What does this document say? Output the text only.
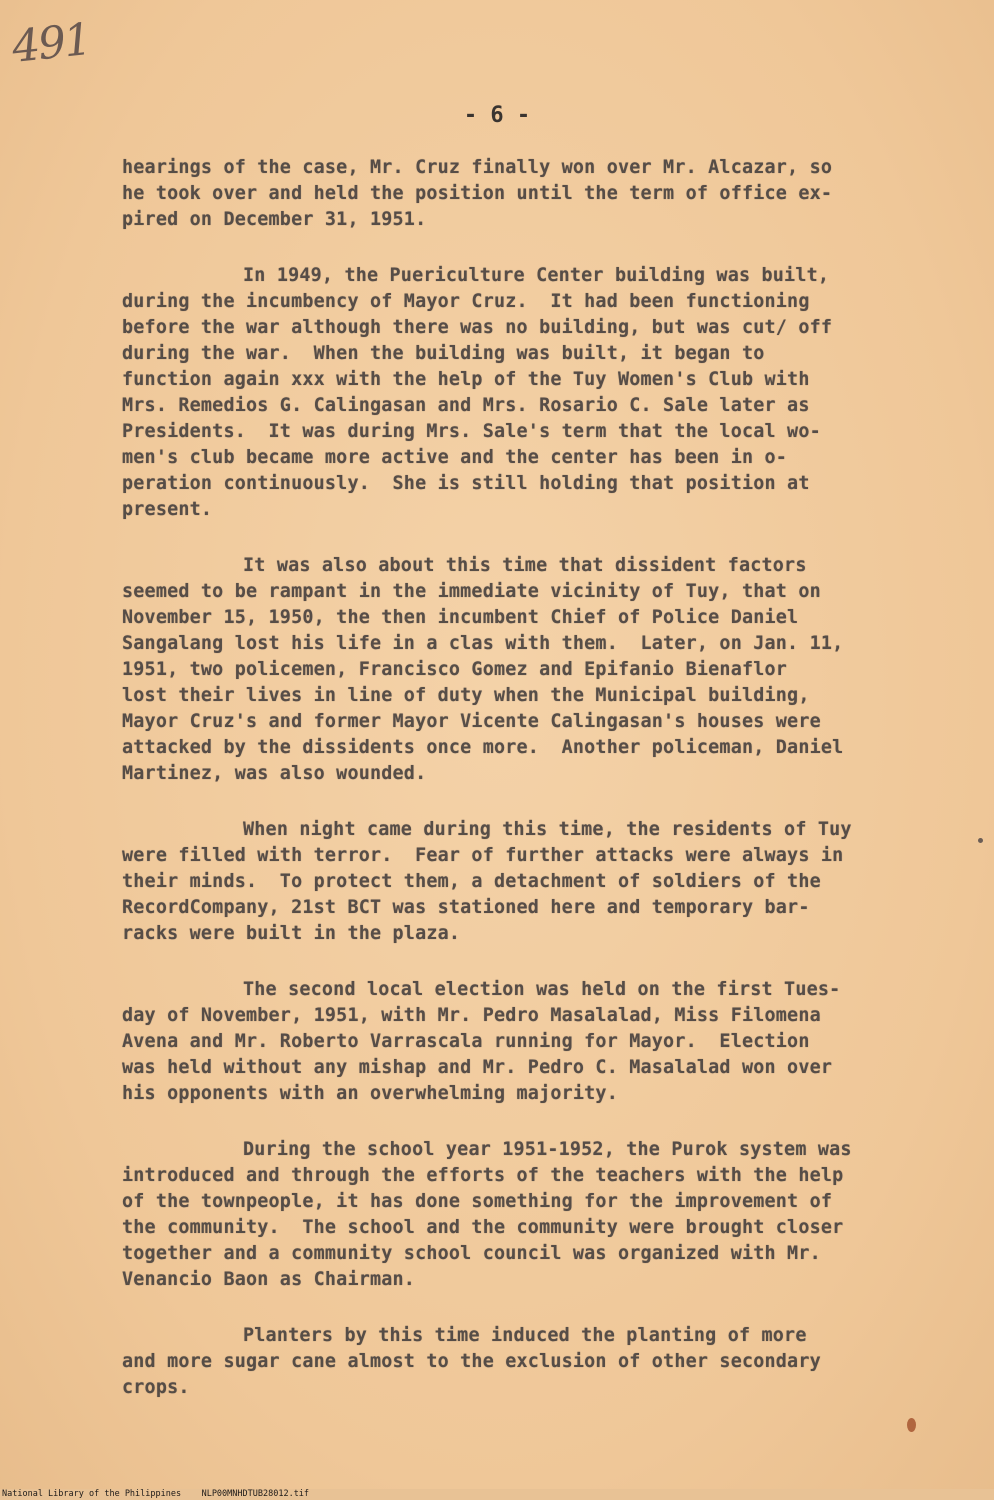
491
- 6 -

hearings of the case, Mr. Cruz finally won over Mr. Alcazar, so
he took over and held the position until the term of office ex-
pired on December 31, 1951.

In 1949, the Puericulture Center building was built,
during the incumbency of Mayor Cruz.  It had been functioning
before the war although there was no building, but was cut/ off
during the war.  When the building was built, it began to
function again xxx with the help of the Tuy Women's Club with
Mrs. Remedios G. Calingasan and Mrs. Rosario C. Sale later as
Presidents.  It was during Mrs. Sale's term that the local wo-
men's club became more active and the center has been in o-
peration continuously.  She is still holding that position at
present.

It was also about this time that dissident factors
seemed to be rampant in the immediate vicinity of Tuy, that on
November 15, 1950, the then incumbent Chief of Police Daniel
Sangalang lost his life in a clas with them.  Later, on Jan. 11,
1951, two policemen, Francisco Gomez and Epifanio Bienaflor
lost their lives in line of duty when the Municipal building,
Mayor Cruz's and former Mayor Vicente Calingasan's houses were
attacked by the dissidents once more.  Another policeman, Daniel
Martinez, was also wounded.

When night came during this time, the residents of Tuy
were filled with terror.  Fear of further attacks were always in
their minds.  To protect them, a detachment of soldiers of the
RecordCompany, 21st BCT was stationed here and temporary bar-
racks were built in the plaza.

The second local election was held on the first Tues-
day of November, 1951, with Mr. Pedro Masalalad, Miss Filomena
Avena and Mr. Roberto Varrascala running for Mayor.  Election
was held without any mishap and Mr. Pedro C. Masalalad won over
his opponents with an overwhelming majority.

During the school year 1951-1952, the Purok system was
introduced and through the efforts of the teachers with the help
of the townpeople, it has done something for the improvement of
the community.  The school and the community were brought closer
together and a community school council was organized with Mr.
Venancio Baon as Chairman.

Planters by this time induced the planting of more
and more sugar cane almost to the exclusion of other secondary
crops.

National Library of the Philippines    NLP00MNHDTUB28012.tif
